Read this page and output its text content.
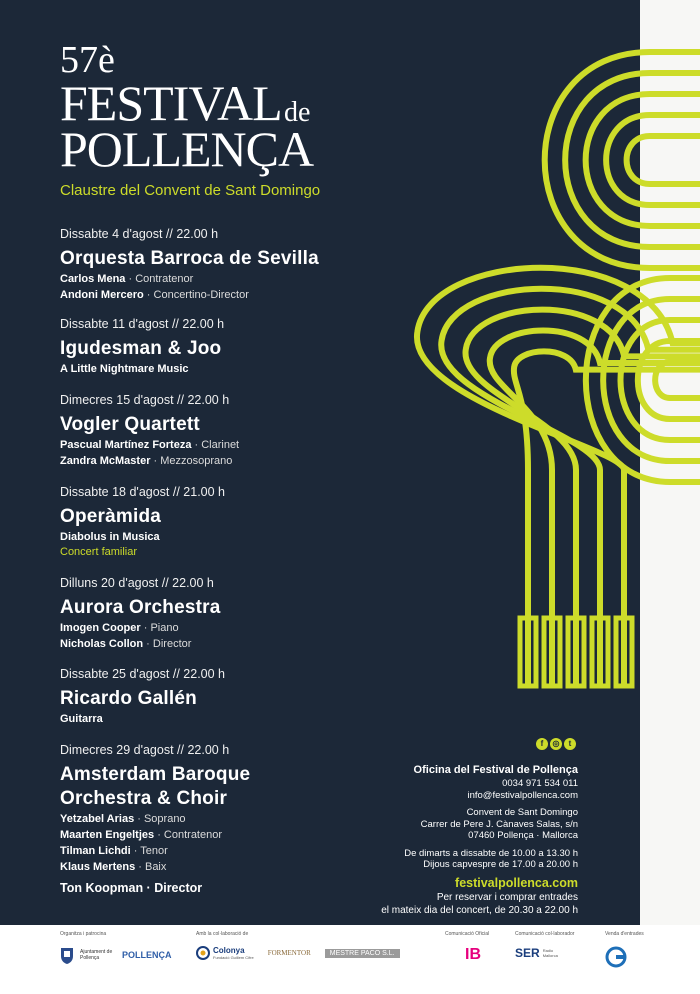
57è
FESTIVAL de
POLLENÇA
Claustre del Convent de Sant Domingo
Dissabte 4 d'agost // 22.00 h
Orquesta Barroca de Sevilla
Carlos Mena · Contratenor
Andoni Mercero · Concertino-Director
Dissabte 11 d'agost // 22.00 h
Igudesman & Joo
A Little Nightmare Music
Dimecres 15 d'agost // 22.00 h
Vogler Quartett
Pascual Martínez Forteza · Clarinet
Zandra McMaster · Mezzosoprano
Dissabte 18 d'agost // 21.00 h
Operàmida
Diabolus in Musica
Concert familiar
Dilluns 20 d'agost // 22.00 h
Aurora Orchestra
Imogen Cooper · Piano
Nicholas Collon · Director
Dissabte 25 d'agost // 22.00 h
Ricardo Gallén
Guitarra
Dimecres 29 d'agost // 22.00 h
Amsterdam Baroque Orchestra & Choir
Yetzabel Arias · Soprano
Maarten Engeltjes · Contratenor
Tilman Lichdi · Tenor
Klaus Mertens · Baix
Ton Koopman · Director
f	◎	t
Oficina del Festival de Pollença
0034 971 534 011
info@festivalpollenca.com
Convent de Sant Domingo
Carrer de Pere J. Cànaves Salas, s/n
07460 Pollença · Mallorca
De dimarts a dissabte de 10.00 a 13.30 h
Dijous capvespre de 17.00 a 20.00 h
festivalpollenca.com
Per reservar i comprar entrades
el mateix dia del concert, de 20.30 a 22.00 h
Organitza i patrocina
Ajuntament de Pollença	POLLENÇA
Amb la col·laboració de
Colonya
Fundació Guillem Cifre
FORMENTOR	MESTRE PACO S.L.
Comunicació Oficial
IB
Comunicació col·laborador
SER Radio Mallorca
Venda d'entrades
